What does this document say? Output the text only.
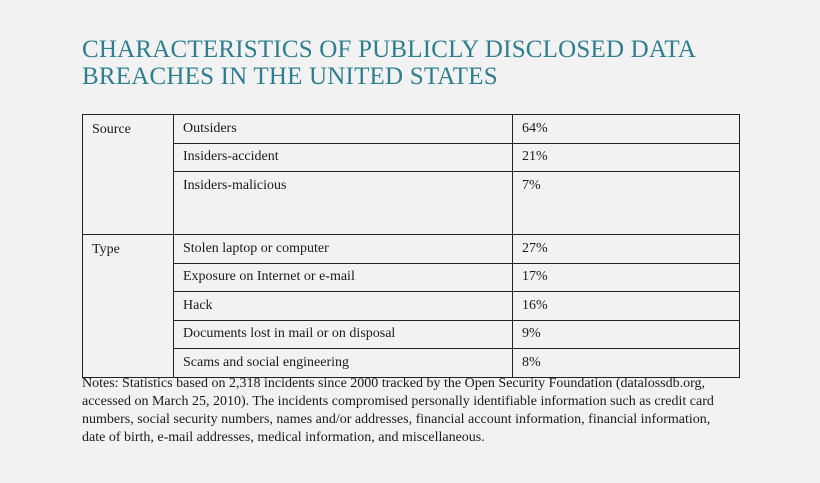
CHARACTERISTICS OF PUBLICLY DISCLOSED DATA
BREACHES IN THE UNITED STATES
Source	Outsiders	64%
	Insiders-accident	21%
	Insiders-malicious	7%
Type	Stolen laptop or computer	27%
	Exposure on Internet or e-mail	17%
	Hack	16%
	Documents lost in mail or on disposal	9%
	Scams and social engineering	8%
Notes: Statistics based on 2,318 incidents since 2000 tracked by the Open Security Foundation (datalossdb.org,
accessed on March 25, 2010). The incidents compromised personally identifiable information such as credit card
numbers, social security numbers, names and/or addresses, financial account information, financial information,
date of birth, e-mail addresses, medical information, and miscellaneous.
